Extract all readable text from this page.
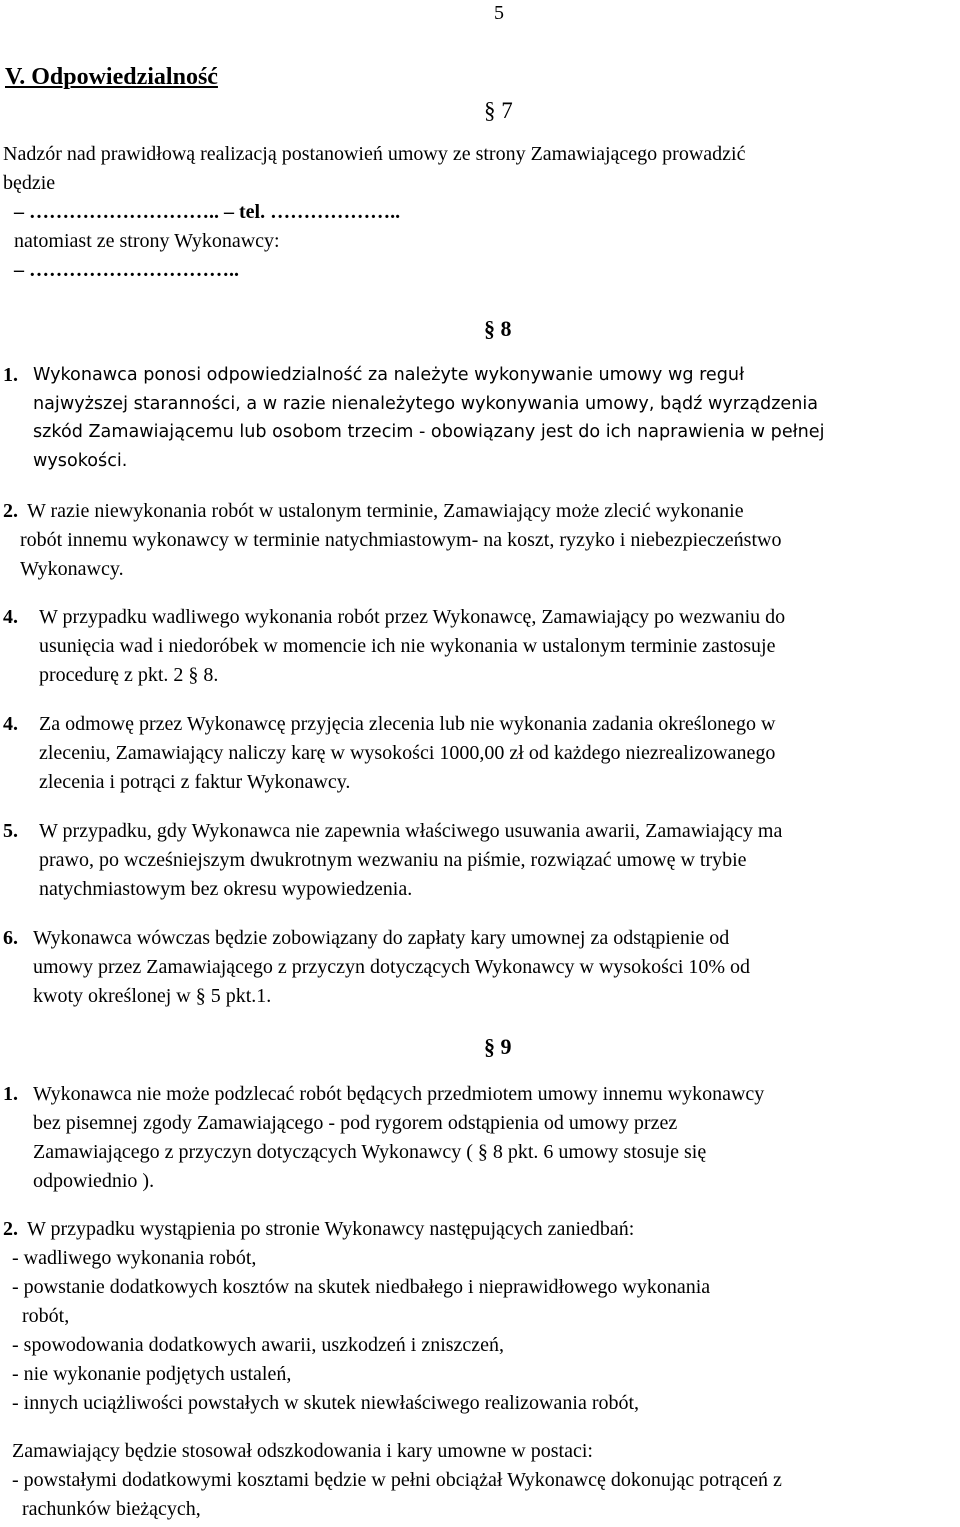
5
V. Odpowiedzialność
§ 7
Nadzór nad prawidłową realizacją postanowień umowy ze strony Zamawiającego prowadzić
będzie
– ……………………….. – tel. ………………..
natomiast ze strony Wykonawcy:
– …………………………..
§ 8
1. Wykonawca ponosi odpowiedzialność za należyte wykonywanie umowy wg reguł
najwyższej staranności, a w razie nienależytego wykonywania umowy, bądź wyrządzenia
szkód Zamawiającemu lub osobom trzecim - obowiązany jest do ich naprawienia w pełnej
wysokości.
2. W razie niewykonania robót w ustalonym terminie, Zamawiający może zlecić wykonanie
robót innemu wykonawcy w terminie natychmiastowym- na koszt, ryzyko i niebezpieczeństwo
Wykonawcy.
4. W przypadku wadliwego wykonania robót przez Wykonawcę, Zamawiający po wezwaniu do
usunięcia wad i niedoróbek w momencie ich nie wykonania w ustalonym terminie zastosuje
procedurę z pkt. 2 § 8.
4. Za odmowę przez Wykonawcę przyjęcia zlecenia lub nie wykonania zadania określonego w
zleceniu, Zamawiający naliczy karę w wysokości 1000,00 zł od każdego niezrealizowanego
zlecenia i potrąci z faktur Wykonawcy.
5. W przypadku, gdy Wykonawca nie zapewnia właściwego usuwania awarii, Zamawiający ma
prawo, po wcześniejszym dwukrotnym wezwaniu na piśmie, rozwiązać umowę w trybie
natychmiastowym bez okresu wypowiedzenia.
6. Wykonawca wówczas będzie zobowiązany do zapłaty kary umownej za odstąpienie od
umowy przez Zamawiającego z przyczyn dotyczących Wykonawcy w wysokości 10% od
kwoty określonej w § 5 pkt.1.
§ 9
1. Wykonawca nie może podzlecać robót będących przedmiotem umowy innemu wykonawcy
bez pisemnej zgody Zamawiającego - pod rygorem odstąpienia od umowy przez
Zamawiającego z przyczyn dotyczących Wykonawcy ( § 8 pkt. 6 umowy stosuje się
odpowiednio ).
2. W przypadku wystąpienia po stronie Wykonawcy następujących zaniedbań:
- wadliwego wykonania robót,
- powstanie dodatkowych kosztów na skutek niedbałego i nieprawidłowego wykonania
robót,
- spowodowania dodatkowych awarii, uszkodzeń i zniszczeń,
- nie wykonanie podjętych ustaleń,
- innych uciążliwości powstałych w skutek niewłaściwego realizowania robót,
Zamawiający będzie stosował odszkodowania i kary umowne w postaci:
- powstałymi dodatkowymi kosztami będzie w pełni obciążał Wykonawcę dokonując potrąceń z
rachunków bieżących,
